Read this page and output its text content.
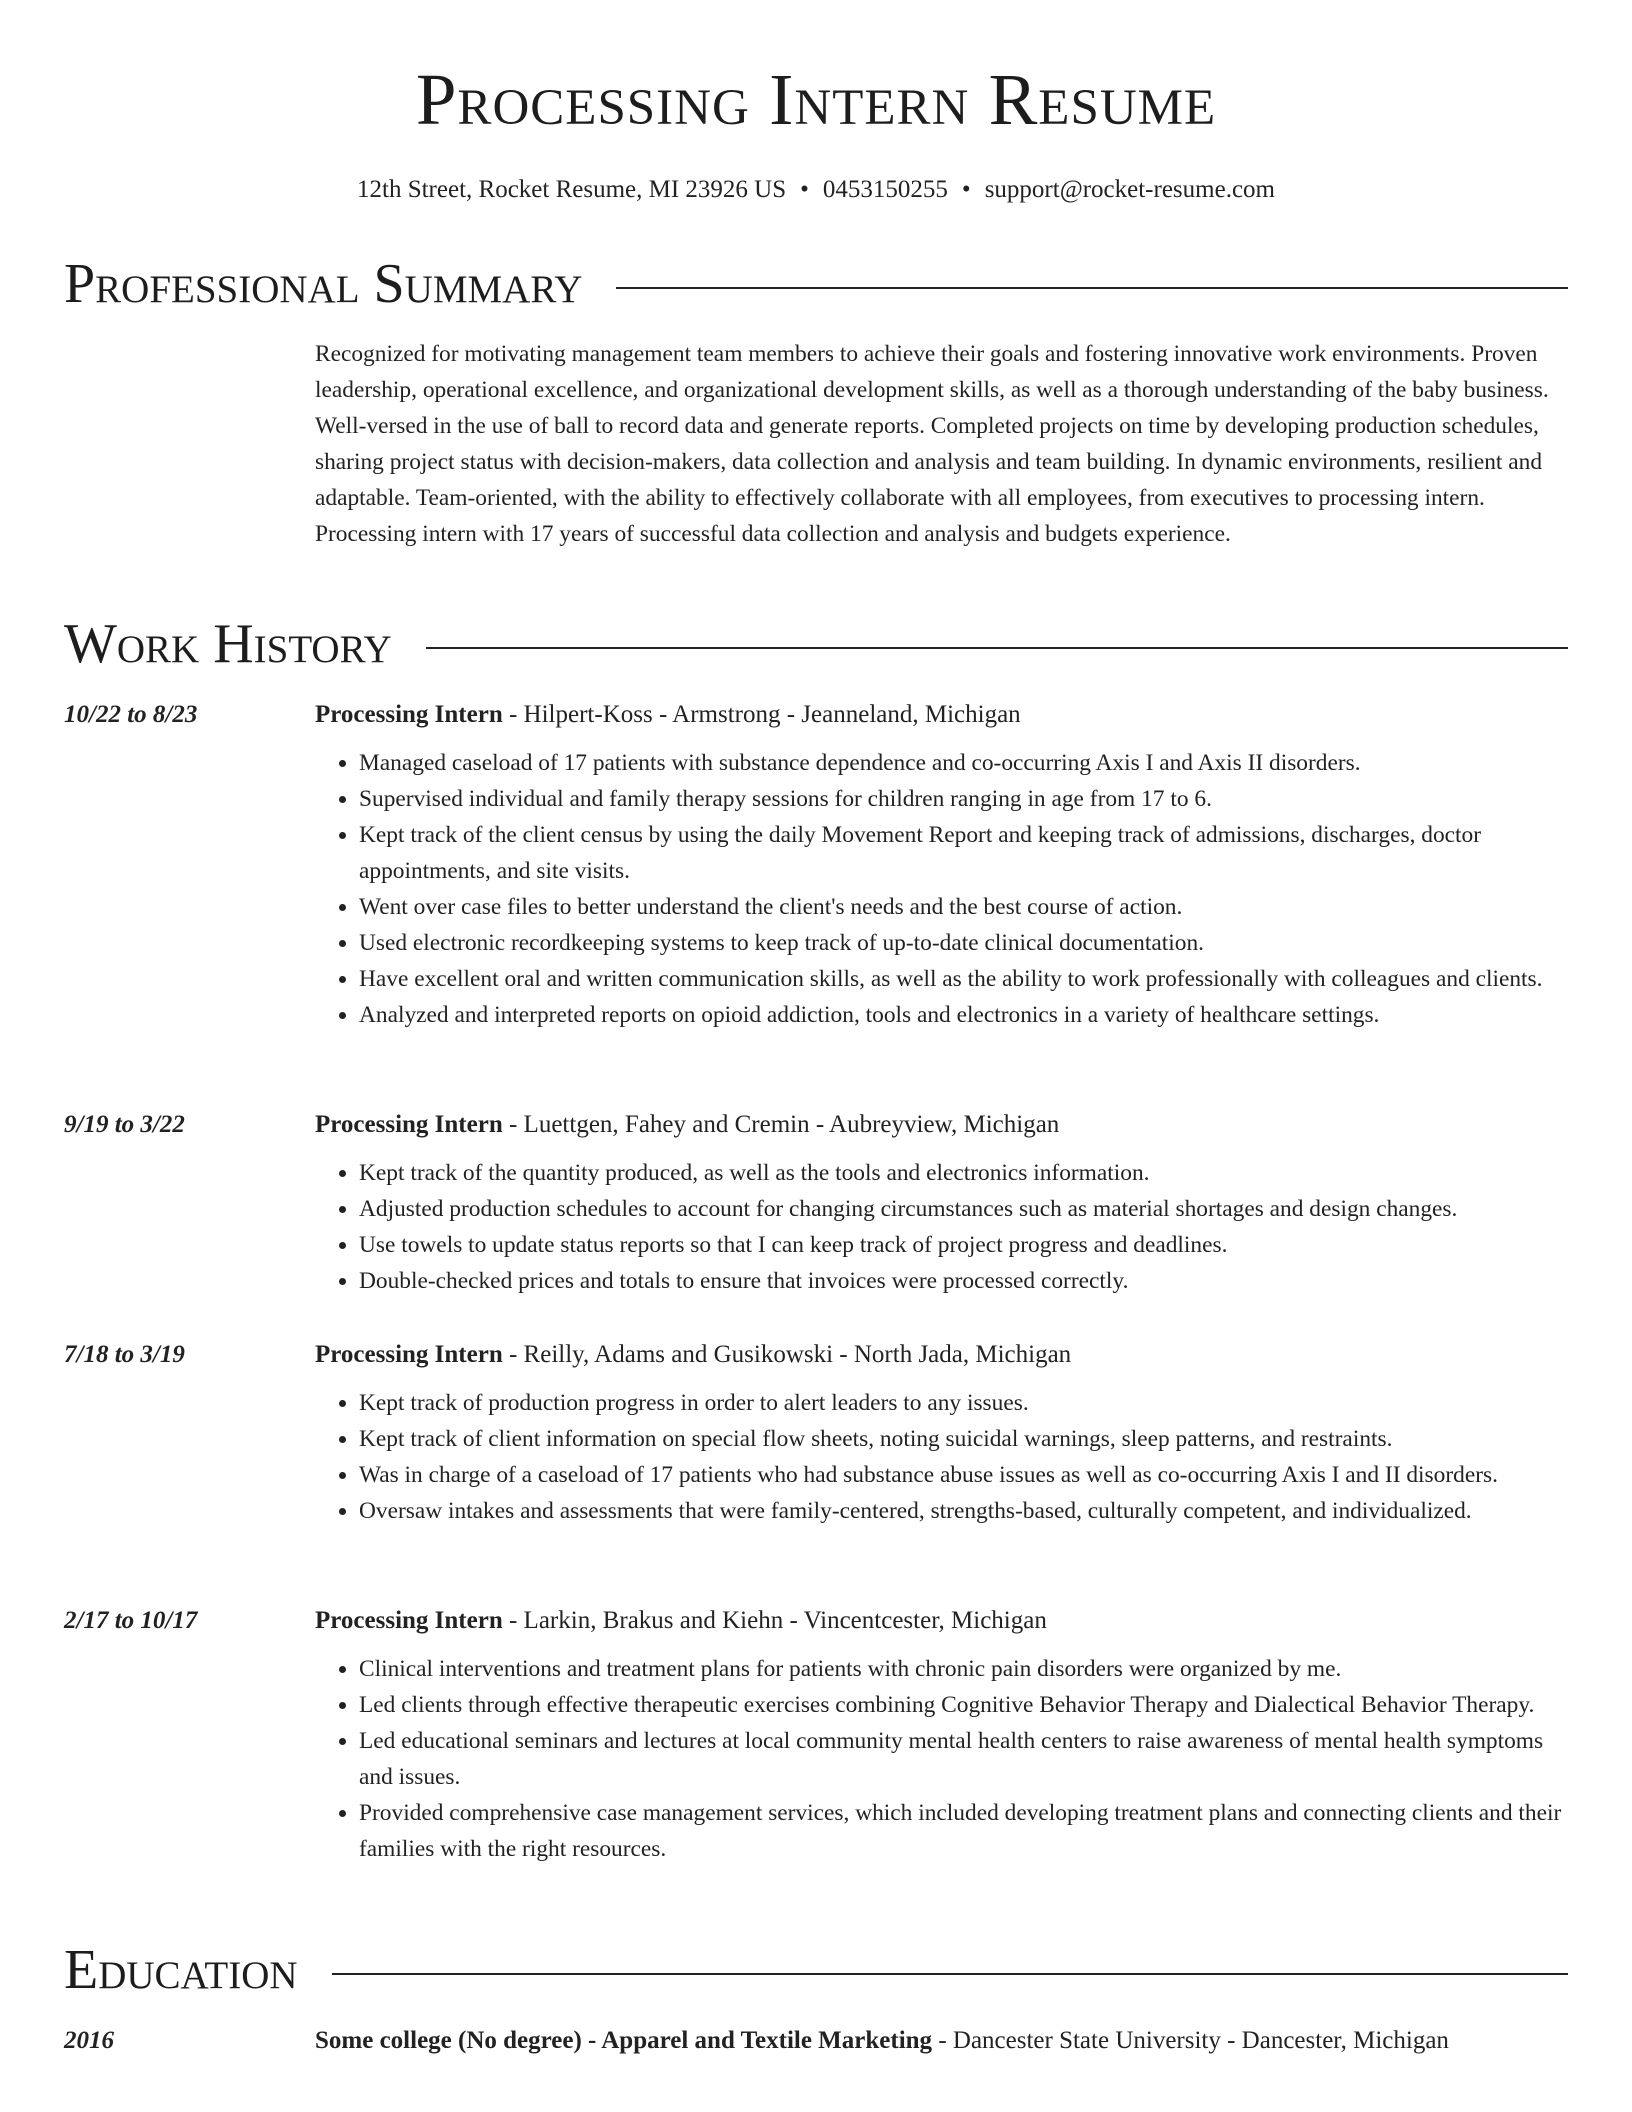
Processing Intern Resume
12th Street, Rocket Resume, MI 23926 US • 0453150255 • support@rocket-resume.com
Professional Summary

Recognized for motivating management team members to achieve their goals and fostering innovative work environments. Proven leadership, operational excellence, and organizational development skills, as well as a thorough understanding of the baby business. Well-versed in the use of ball to record data and generate reports. Completed projects on time by developing production schedules, sharing project status with decision-makers, data collection and analysis and team building. In dynamic environments, resilient and adaptable. Team-oriented, with the ability to effectively collaborate with all employees, from executives to processing intern. Processing intern with 17 years of successful data collection and analysis and budgets experience.

Work History
10/22 to 8/23	Processing Intern - Hilpert-Koss - Armstrong - Jeanneland, Michigan
• Managed caseload of 17 patients with substance dependence and co-occurring Axis I and Axis II disorders.
• Supervised individual and family therapy sessions for children ranging in age from 17 to 6.
• Kept track of the client census by using the daily Movement Report and keeping track of admissions, discharges, doctor appointments, and site visits.
• Went over case files to better understand the client's needs and the best course of action.
• Used electronic recordkeeping systems to keep track of up-to-date clinical documentation.
• Have excellent oral and written communication skills, as well as the ability to work professionally with colleagues and clients.
• Analyzed and interpreted reports on opioid addiction, tools and electronics in a variety of healthcare settings.
9/19 to 3/22	Processing Intern - Luettgen, Fahey and Cremin - Aubreyview, Michigan
• Kept track of the quantity produced, as well as the tools and electronics information.
• Adjusted production schedules to account for changing circumstances such as material shortages and design changes.
• Use towels to update status reports so that I can keep track of project progress and deadlines.
• Double-checked prices and totals to ensure that invoices were processed correctly.
7/18 to 3/19	Processing Intern - Reilly, Adams and Gusikowski - North Jada, Michigan
• Kept track of production progress in order to alert leaders to any issues.
• Kept track of client information on special flow sheets, noting suicidal warnings, sleep patterns, and restraints.
• Was in charge of a caseload of 17 patients who had substance abuse issues as well as co-occurring Axis I and II disorders.
• Oversaw intakes and assessments that were family-centered, strengths-based, culturally competent, and individualized.
2/17 to 10/17	Processing Intern - Larkin, Brakus and Kiehn - Vincentcester, Michigan
• Clinical interventions and treatment plans for patients with chronic pain disorders were organized by me.
• Led clients through effective therapeutic exercises combining Cognitive Behavior Therapy and Dialectical Behavior Therapy.
• Led educational seminars and lectures at local community mental health centers to raise awareness of mental health symptoms and issues.
• Provided comprehensive case management services, which included developing treatment plans and connecting clients and their families with the right resources.
Education
2016	Some college (No degree) - Apparel and Textile Marketing - Dancester State University - Dancester, Michigan
